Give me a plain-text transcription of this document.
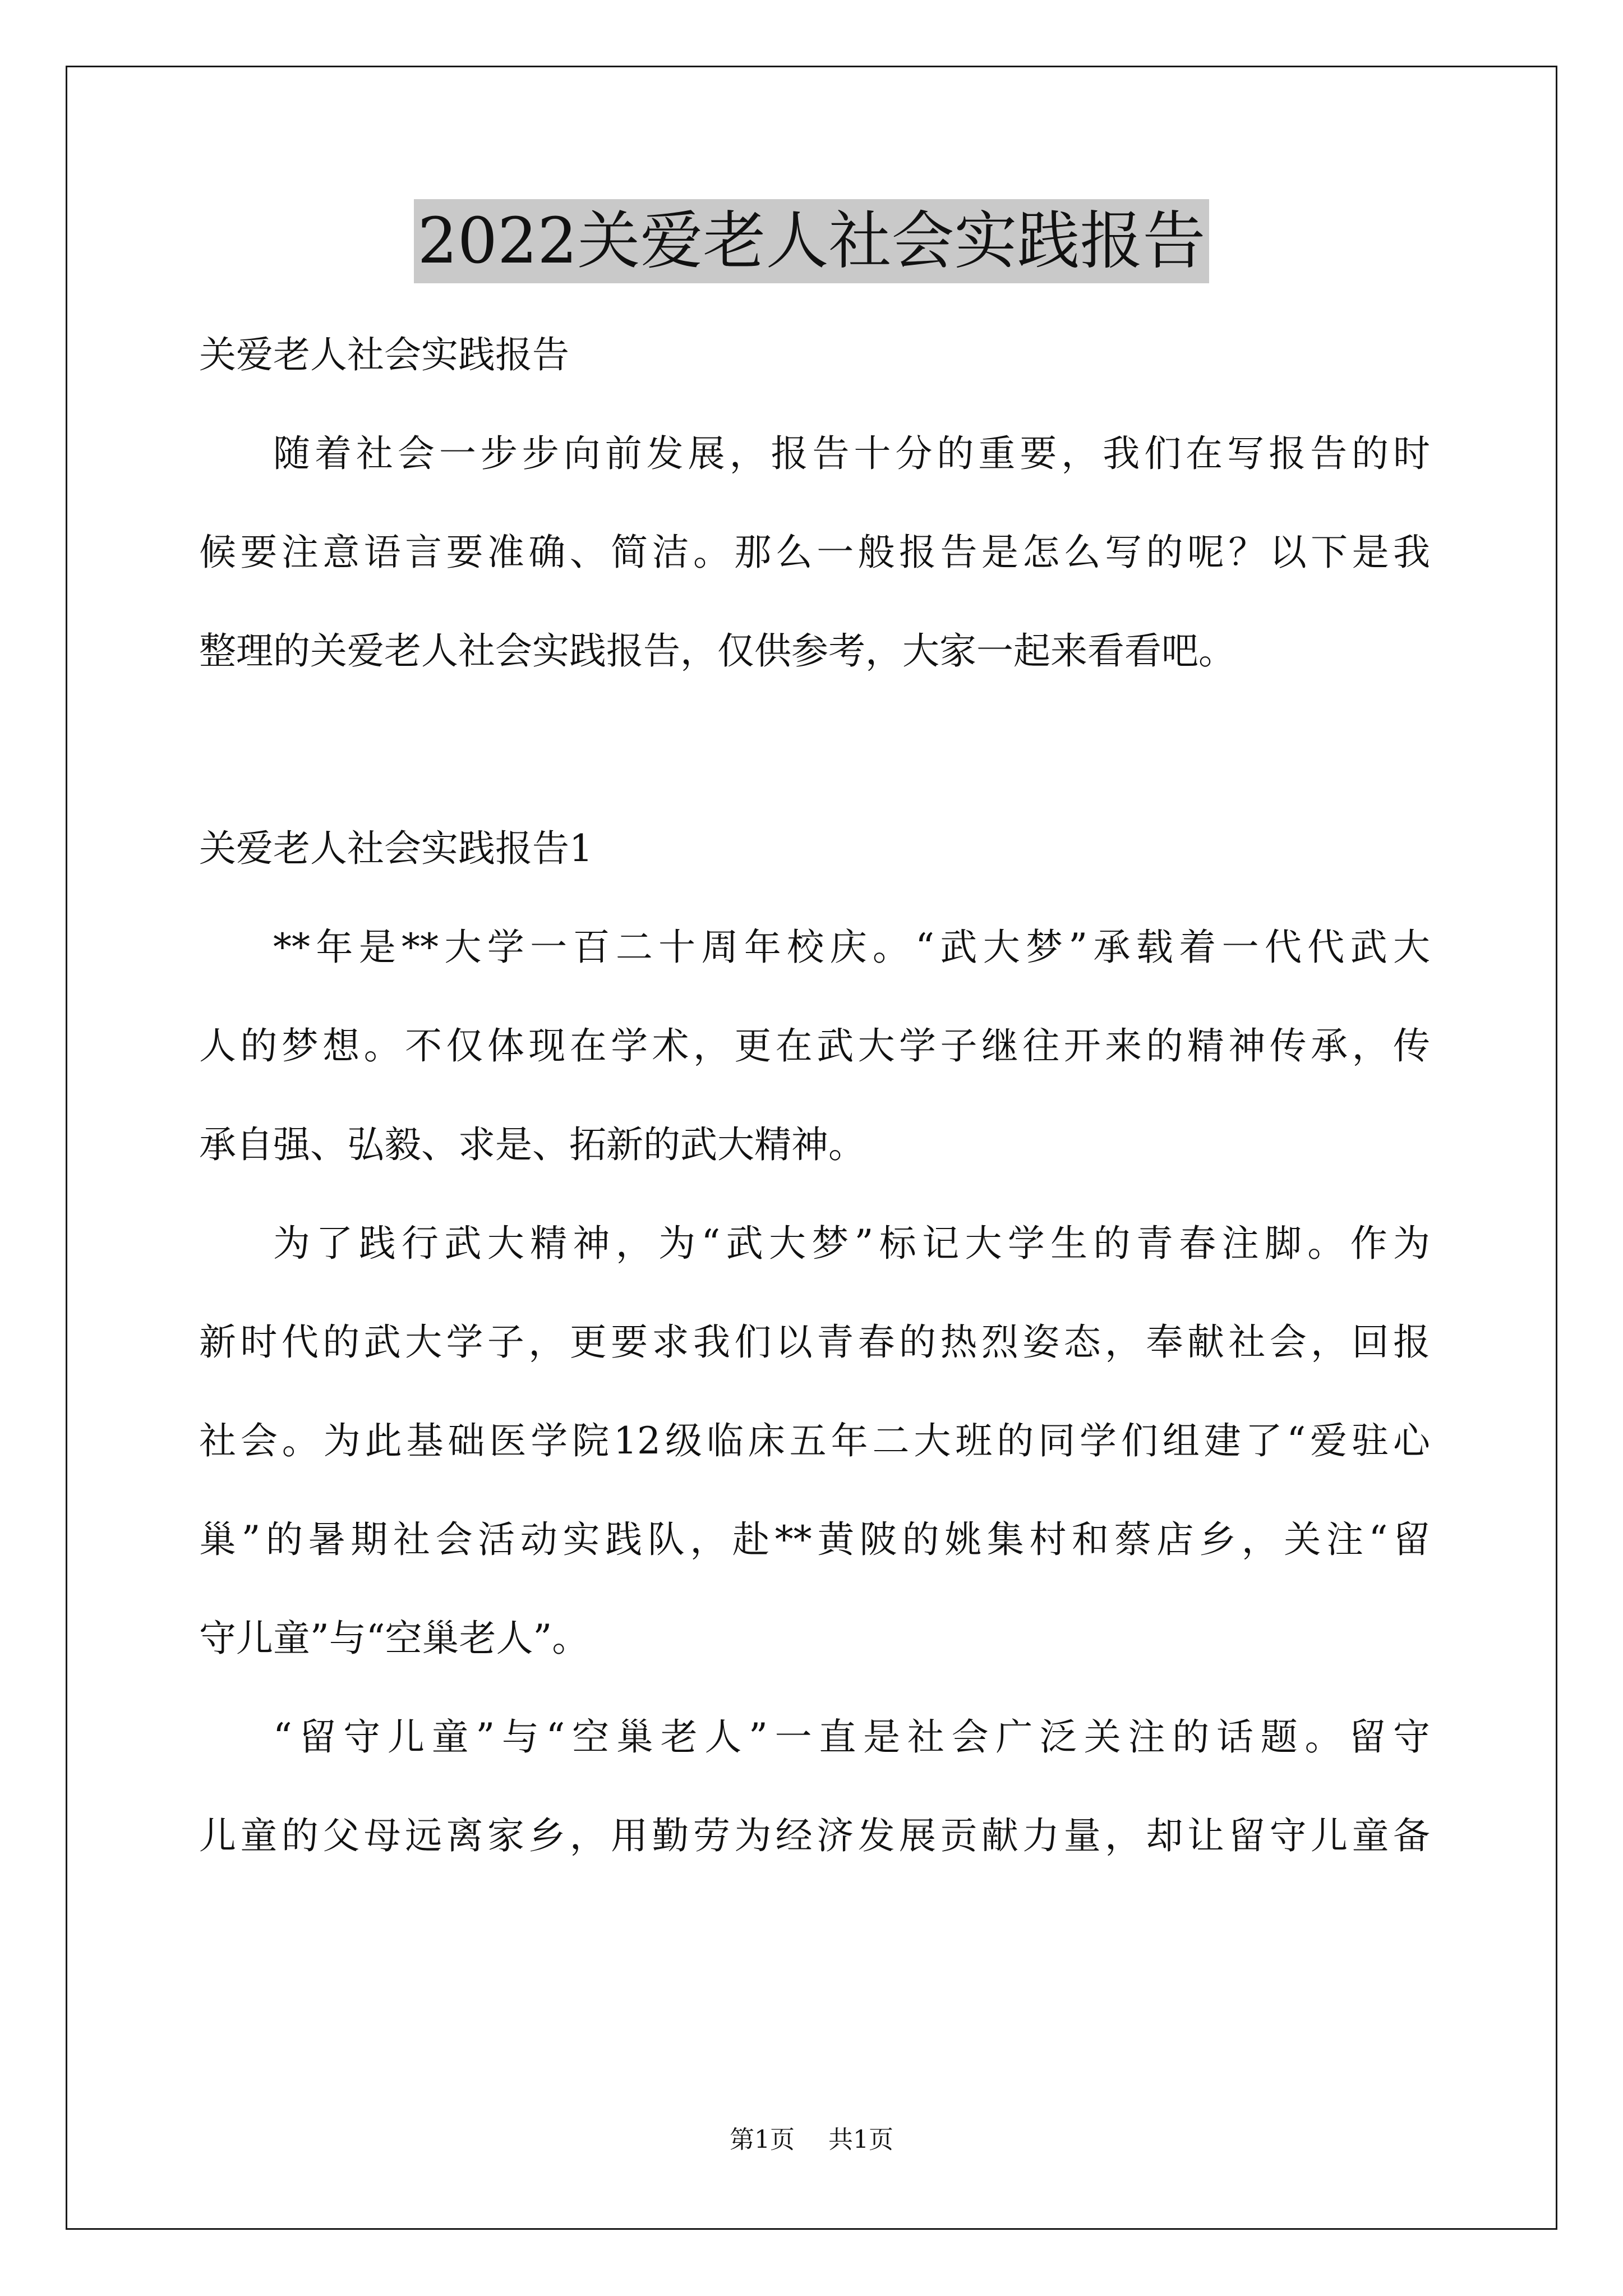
2022关爱老人社会实践报告
关爱老人社会实践报告
随着社会一步步向前发展，报告十分的重要，我们在写报告的时
候要注意语言要准确、简洁。那么一般报告是怎么写的呢？以下是我
整理的关爱老人社会实践报告，仅供参考，大家一起来看看吧。
关爱老人社会实践报告1
**年是**大学一百二十周年校庆。“武大梦”承载着一代代武大
人的梦想。不仅体现在学术，更在武大学子继往开来的精神传承，传
承自强、弘毅、求是、拓新的武大精神。
为了践行武大精神，为“武大梦”标记大学生的青春注脚。作为
新时代的武大学子，更要求我们以青春的热烈姿态，奉献社会，回报
社会。为此基础医学院12级临床五年二大班的同学们组建了“爱驻心
巢”的暑期社会活动实践队，赴**黄陂的姚集村和蔡店乡，关注“留
守儿童”与“空巢老人”。
“留守儿童”与“空巢老人”一直是社会广泛关注的话题。留守
儿童的父母远离家乡，用勤劳为经济发展贡献力量，却让留守儿童备
第1页 共1页
